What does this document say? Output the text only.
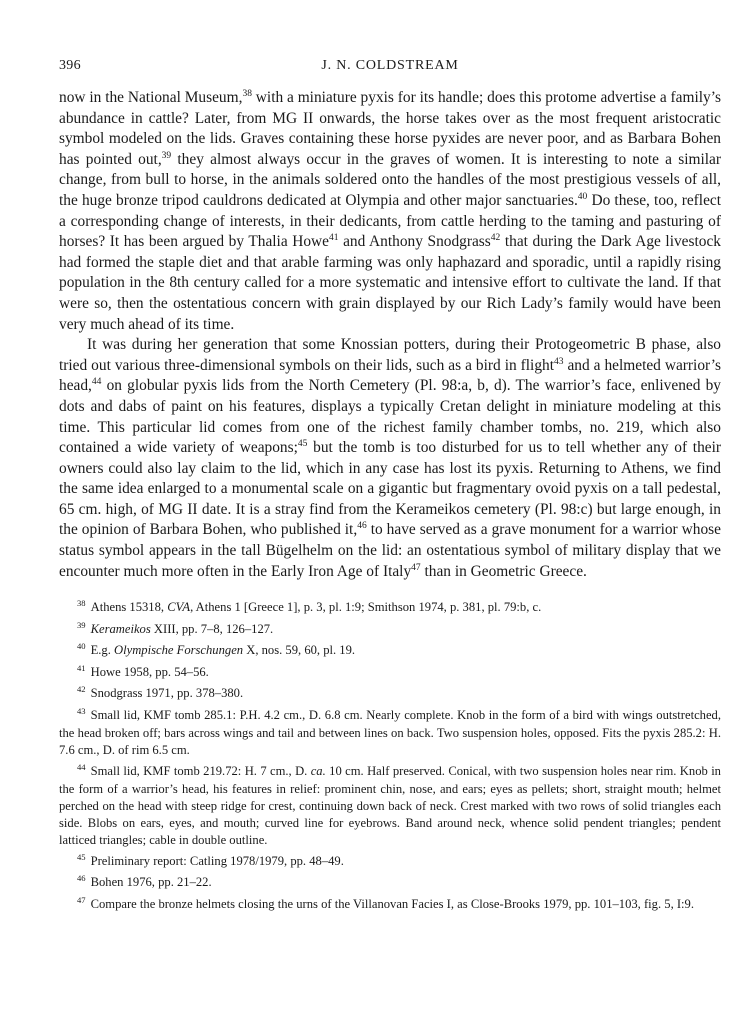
396	J. N. COLDSTREAM

now in the National Museum,$^{38}$ with a miniature pyxis for its handle; does this protome advertise a family’s abundance in cattle? Later, from MG II onwards, the horse takes over as the most frequent aristocratic symbol modeled on the lids. Graves containing these horse pyxides are never poor, and as Barbara Bohen has pointed out,$^{39}$ they almost always occur in the graves of women. It is interesting to note a similar change, from bull to horse, in the animals soldered onto the handles of the most prestigious vessels of all, the huge bronze tripod cauldrons dedicated at Olympia and other major sanctuaries.$^{40}$ Do these, too, reflect a corresponding change of interests, in their dedicants, from cattle herding to the taming and pasturing of horses? It has been argued by Thalia Howe$^{41}$ and Anthony Snodgrass$^{42}$ that during the Dark Age livestock had formed the staple diet and that arable farming was only haphazard and sporadic, until a rapidly rising population in the 8th century called for a more systematic and intensive effort to cultivate the land. If that were so, then the ostentatious concern with grain displayed by our Rich Lady’s family would have been very much ahead of its time.

It was during her generation that some Knossian potters, during their Protogeometric B phase, also tried out various three-dimensional symbols on their lids, such as a bird in flight$^{43}$ and a helmeted warrior’s head,$^{44}$ on globular pyxis lids from the North Cemetery (Pl. 98:a, b, d). The warrior’s face, enlivened by dots and dabs of paint on his features, displays a typically Cretan delight in miniature modeling at this time. This particular lid comes from one of the richest family chamber tombs, no. 219, which also contained a wide variety of weapons;$^{45}$ but the tomb is too disturbed for us to tell whether any of their owners could also lay claim to the lid, which in any case has lost its pyxis. Returning to Athens, we find the same idea enlarged to a monumental scale on a gigantic but fragmentary ovoid pyxis on a tall pedestal, 65 cm. high, of MG II date. It is a stray find from the Kerameikos cemetery (Pl. 98:c) but large enough, in the opinion of Barbara Bohen, who published it,$^{46}$ to have served as a grave monument for a warrior whose status symbol appears in the tall Bügelhelm on the lid: an ostentatious symbol of military display that we encounter much more often in the Early Iron Age of Italy$^{47}$ than in Geometric Greece.

$^{38}$ Athens 15318, CVA, Athens 1 [Greece 1], p. 3, pl. 1:9; Smithson 1974, p. 381, pl. 79:b, c.
$^{39}$ Kerameikos XIII, pp. 7–8, 126–127.
$^{40}$ E.g. Olympische Forschungen X, nos. 59, 60, pl. 19.
$^{41}$ Howe 1958, pp. 54–56.
$^{42}$ Snodgrass 1971, pp. 378–380.
$^{43}$ Small lid, KMF tomb 285.1: P.H. 4.2 cm., D. 6.8 cm. Nearly complete. Knob in the form of a bird with wings outstretched, the head broken off; bars across wings and tail and between lines on back. Two suspension holes, opposed. Fits the pyxis 285.2: H. 7.6 cm., D. of rim 6.5 cm.
$^{44}$ Small lid, KMF tomb 219.72: H. 7 cm., D. ca. 10 cm. Half preserved. Conical, with two suspension holes near rim. Knob in the form of a warrior’s head, his features in relief: prominent chin, nose, and ears; eyes as pellets; short, straight mouth; helmet perched on the head with steep ridge for crest, continuing down back of neck. Crest marked with two rows of solid triangles each side. Blobs on ears, eyes, and mouth; curved line for eyebrows. Band around neck, whence solid pendent triangles; pendent latticed triangles; cable in double outline.
$^{45}$ Preliminary report: Catling 1978/1979, pp. 48–49.
$^{46}$ Bohen 1976, pp. 21–22.
$^{47}$ Compare the bronze helmets closing the urns of the Villanovan Facies I, as Close-Brooks 1979, pp. 101–103, fig. 5, I:9.
